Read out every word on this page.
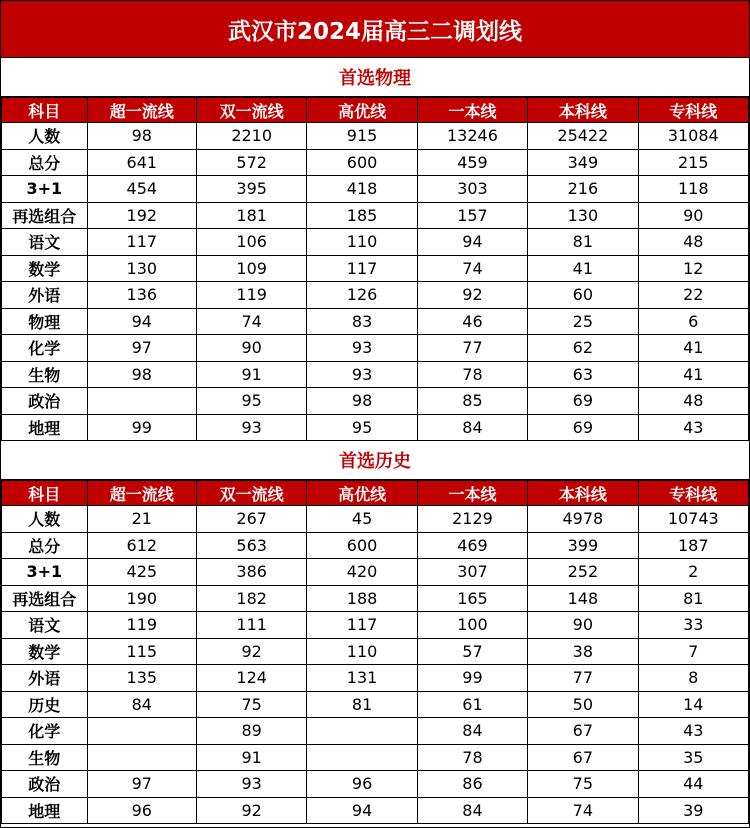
武汉市2024届高三二调划线
首选物理
科目	超一流线	双一流线	高优线	一本线	本科线	专科线
人数	98	2210	915	13246	25422	31084
总分	641	572	600	459	349	215
3+1	454	395	418	303	216	118
再选组合	192	181	185	157	130	90
语文	117	106	110	94	81	48
数学	130	109	117	74	41	12
外语	136	119	126	92	60	22
物理	94	74	83	46	25	6
化学	97	90	93	77	62	41
生物	98	91	93	78	63	41
政治		95	98	85	69	48
地理	99	93	95	84	69	43
首选历史
科目	超一流线	双一流线	高优线	一本线	本科线	专科线
人数	21	267	45	2129	4978	10743
总分	612	563	600	469	399	187
3+1	425	386	420	307	252	2
再选组合	190	182	188	165	148	81
语文	119	111	117	100	90	33
数学	115	92	110	57	38	7
外语	135	124	131	99	77	8
历史	84	75	81	61	50	14
化学		89		84	67	43
生物		91		78	67	35
政治	97	93	96	86	75	44
地理	96	92	94	84	74	39
